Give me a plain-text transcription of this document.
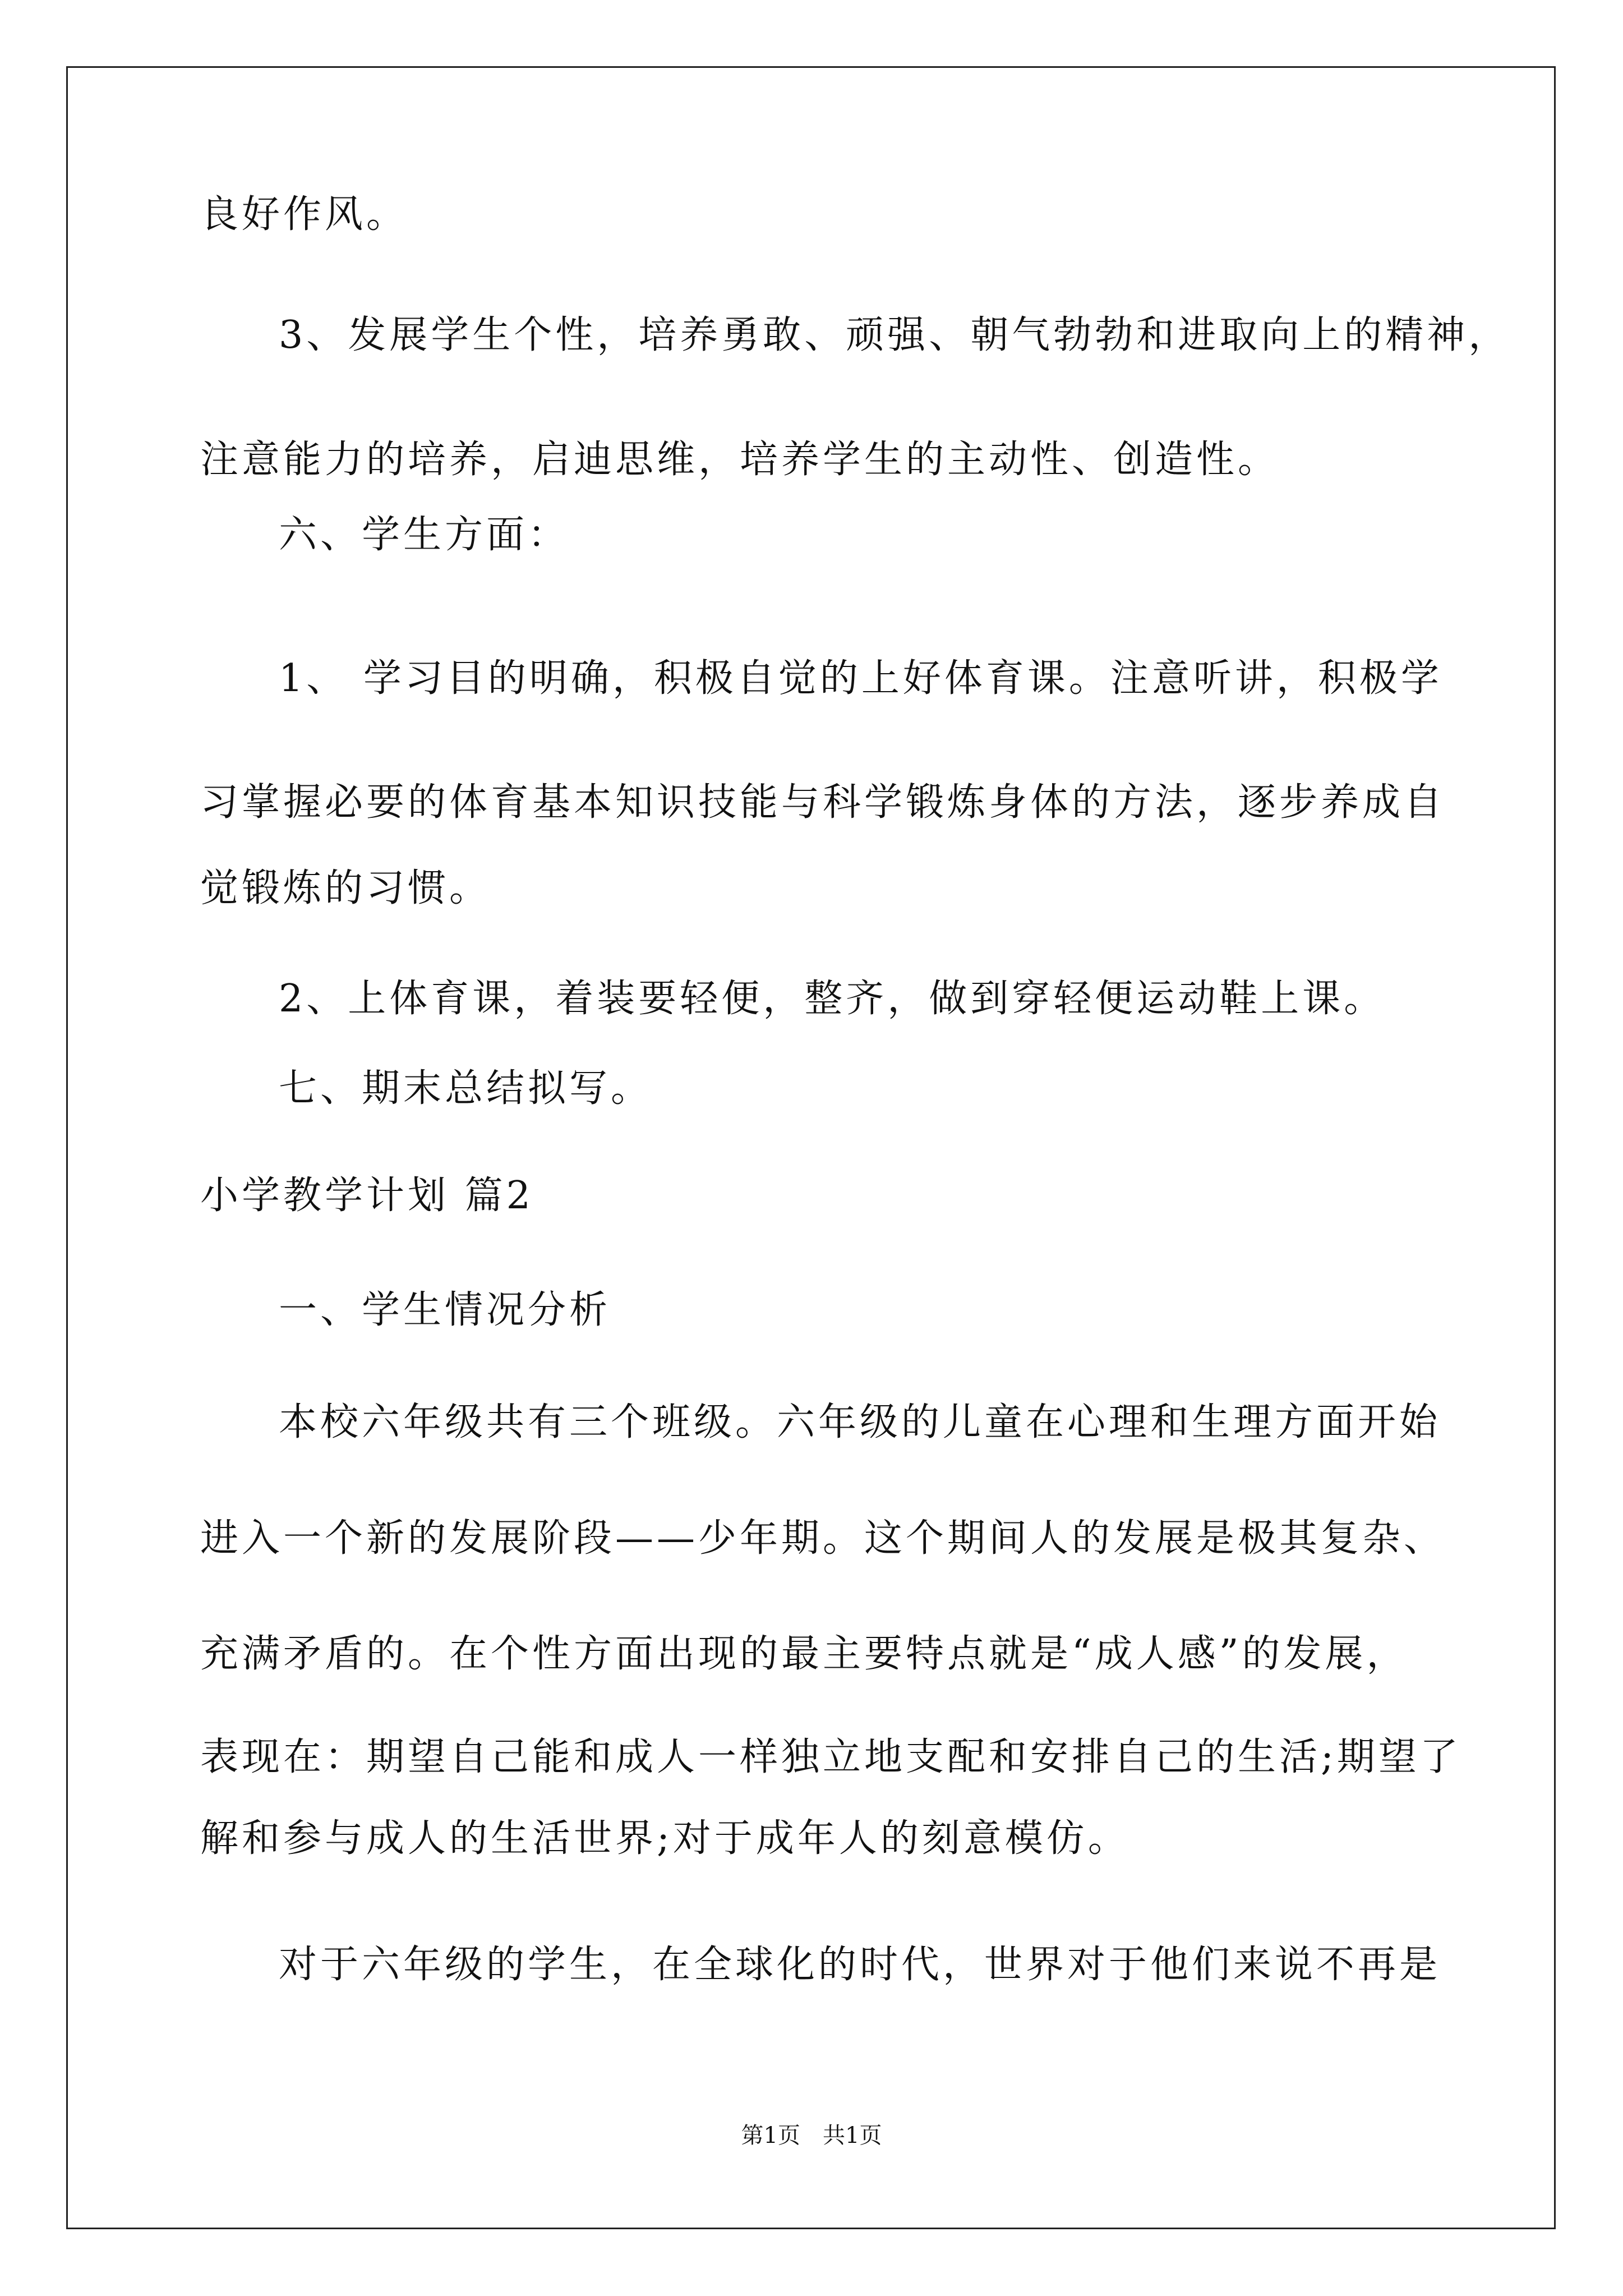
良好作风。
3、发展学生个性，培养勇敢、顽强、朝气勃勃和进取向上的精神，
注意能力的培养，启迪思维，培养学生的主动性、创造性。
六、学生方面：
1、 学习目的明确，积极自觉的上好体育课。注意听讲，积极学
习掌握必要的体育基本知识技能与科学锻炼身体的方法，逐步养成自
觉锻炼的习惯。
2、上体育课，着装要轻便，整齐，做到穿轻便运动鞋上课。
七、期末总结拟写。
小学教学计划 篇2
一、学生情况分析
本校六年级共有三个班级。六年级的儿童在心理和生理方面开始
进入一个新的发展阶段——少年期。这个期间人的发展是极其复杂、
充满矛盾的。在个性方面出现的最主要特点就是“成人感”的发展，
表现在：期望自己能和成人一样独立地支配和安排自己的生活;期望了
解和参与成人的生活世界;对于成年人的刻意模仿。
对于六年级的学生，在全球化的时代，世界对于他们来说不再是
第1页　共1页
